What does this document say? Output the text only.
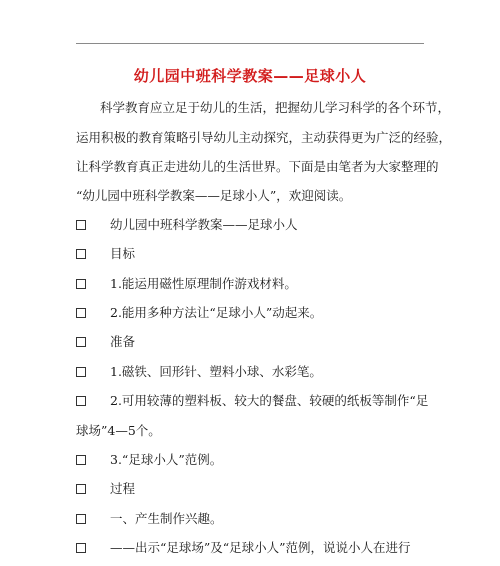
幼儿园中班科学教案——足球小人
科学教育应立足于幼儿的生活，把握幼儿学习科学的各个环节，
运用积极的教育策略引导幼儿主动探究，主动获得更为广泛的经验，
让科学教育真正走进幼儿的生活世界。下面是由笔者为大家整理的
“幼儿园中班科学教案——足球小人”，欢迎阅读。
幼儿园中班科学教案——足球小人
目标
1.能运用磁性原理制作游戏材料。
2.能用多种方法让“足球小人”动起来。
准备
1.磁铁、回形针、塑料小球、水彩笔。
2.可用较薄的塑料板、较大的餐盘、较硬的纸板等制作“足
球场”4—5个。
3.“足球小人”范例。
过程
一、产生制作兴趣。
——出示“足球场”及“足球小人”范例，说说小人在进行
